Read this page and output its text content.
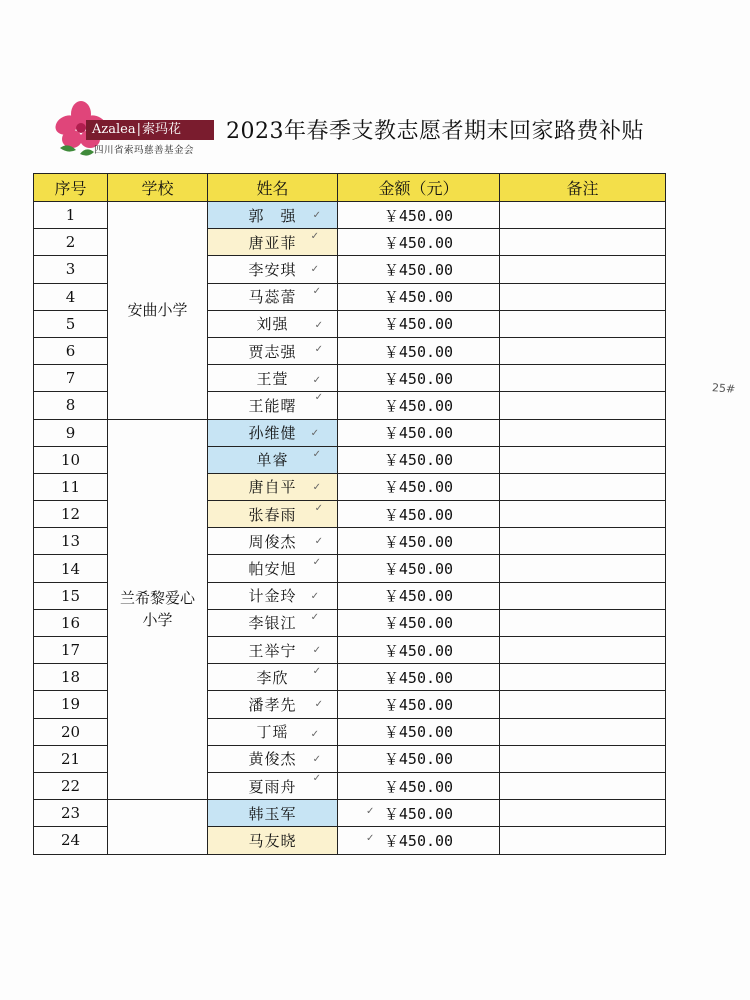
Azalea|索玛花
四川省索玛慈善基金会
2023年春季支教志愿者期末回家路费补贴
25#
序号	学校	姓名	金额（元）	备注
1	安曲小学	郭　强 ✓	￥450.00	
2		唐亚菲 ✓	￥450.00	
3		李安琪 ✓	￥450.00	
4		马蕊蕾 ✓	￥450.00	
5		刘强 ✓	￥450.00	
6		贾志强 ✓	￥450.00	
7		王萱 ✓	￥450.00	
8		王能曙 ✓	￥450.00	
9	兰希黎爱心小学	孙维健 ✓	￥450.00	
10		单睿 ✓	￥450.00	
11		唐自平 ✓	￥450.00	
12		张春雨 ✓	￥450.00	
13		周俊杰 ✓	￥450.00	
14		帕安旭 ✓	￥450.00	
15		计金玲 ✓	￥450.00	
16		李银江 ✓	￥450.00	
17		王举宁 ✓	￥450.00	
18		李欣 ✓	￥450.00	
19		潘孝先 ✓	￥450.00	
20		丁瑶 ✓	￥450.00	
21		黄俊杰 ✓	￥450.00	
22		夏雨舟 ✓	￥450.00	
23		韩玉军	✓ ￥450.00	
24		马友晓	✓ ￥450.00	
